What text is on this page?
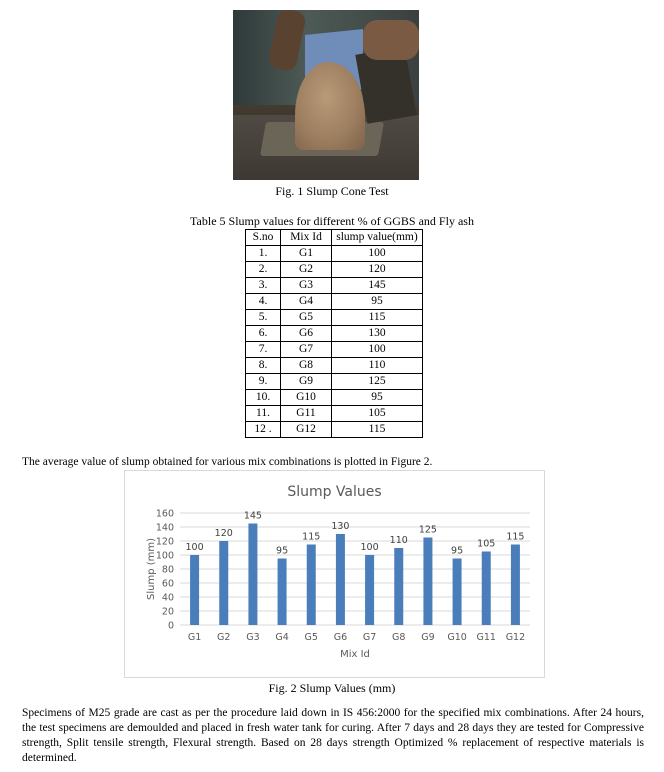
Fig. 1 Slump Cone Test
Table 5 Slump values for different % of GGBS and Fly ash
S.no	Mix Id	slump value(mm)
1.	G1	100
2.	G2	120
3.	G3	145
4.	G4	95
5.	G5	115
6.	G6	130
7.	G7	100
8.	G8	110
9.	G9	125
10.	G10	95
11.	G11	105
12 .	G12	115
The average value of slump obtained for various mix combinations is plotted in Figure 2.
Slump Values
0
20
40
60
80
100
120
140
160
100
G1
120
G2
145
G3
95
G4
115
G5
130
G6
100
G7
110
G8
125
G9
95
G10
105
G11
115
G12
Mix Id
Slump (mm)
Fig. 2 Slump Values (mm)
Specimens of M25 grade are cast as per the procedure laid down in IS 456:2000 for the specified mix combinations. After 24 hours, the test specimens are demoulded and placed in fresh water tank for curing. After 7 days and 28 days they are tested for Compressive strength, Split tensile strength, Flexural strength. Based on 28 days strength Optimized % replacement of respective materials is determined.
